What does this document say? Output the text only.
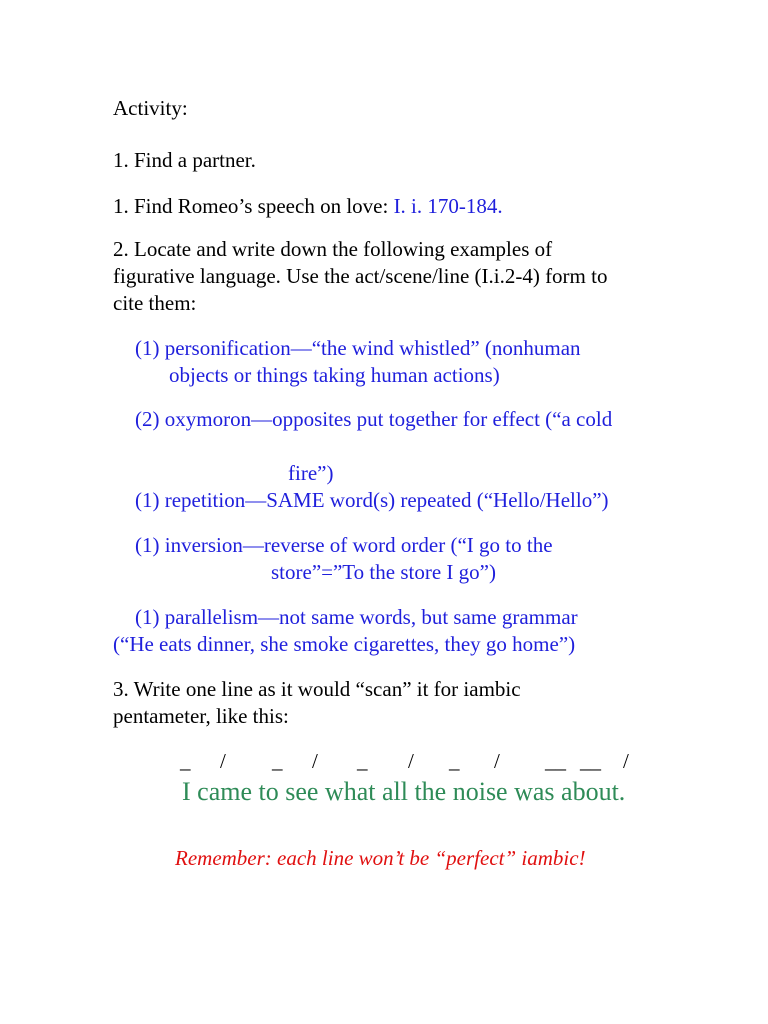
Activity:
1. Find a partner.
1. Find Romeo’s speech on love: I. i. 170-184.
2. Locate and write down the following examples of
figurative language. Use the act/scene/line (I.i.2-4) form to
cite them:
(1) personification—“the wind whistled” (nonhuman
objects or things taking human actions)
(2) oxymoron—opposites put together for effect (“a cold
fire”)
(1) repetition—SAME word(s) repeated (“Hello/Hello”)
(1) inversion—reverse of word order (“I go to the
store”=”To the store I go”)
(1) parallelism—not same words, but same grammar
(“He eats dinner, she smoke cigarettes, they go home”)
3. Write one line as it would “scan” it for iambic
pentameter, like this:
_ / _ / _ / _ / __ __ /
I came to see what all the noise was about.
Remember: each line won’t be “perfect” iambic!
